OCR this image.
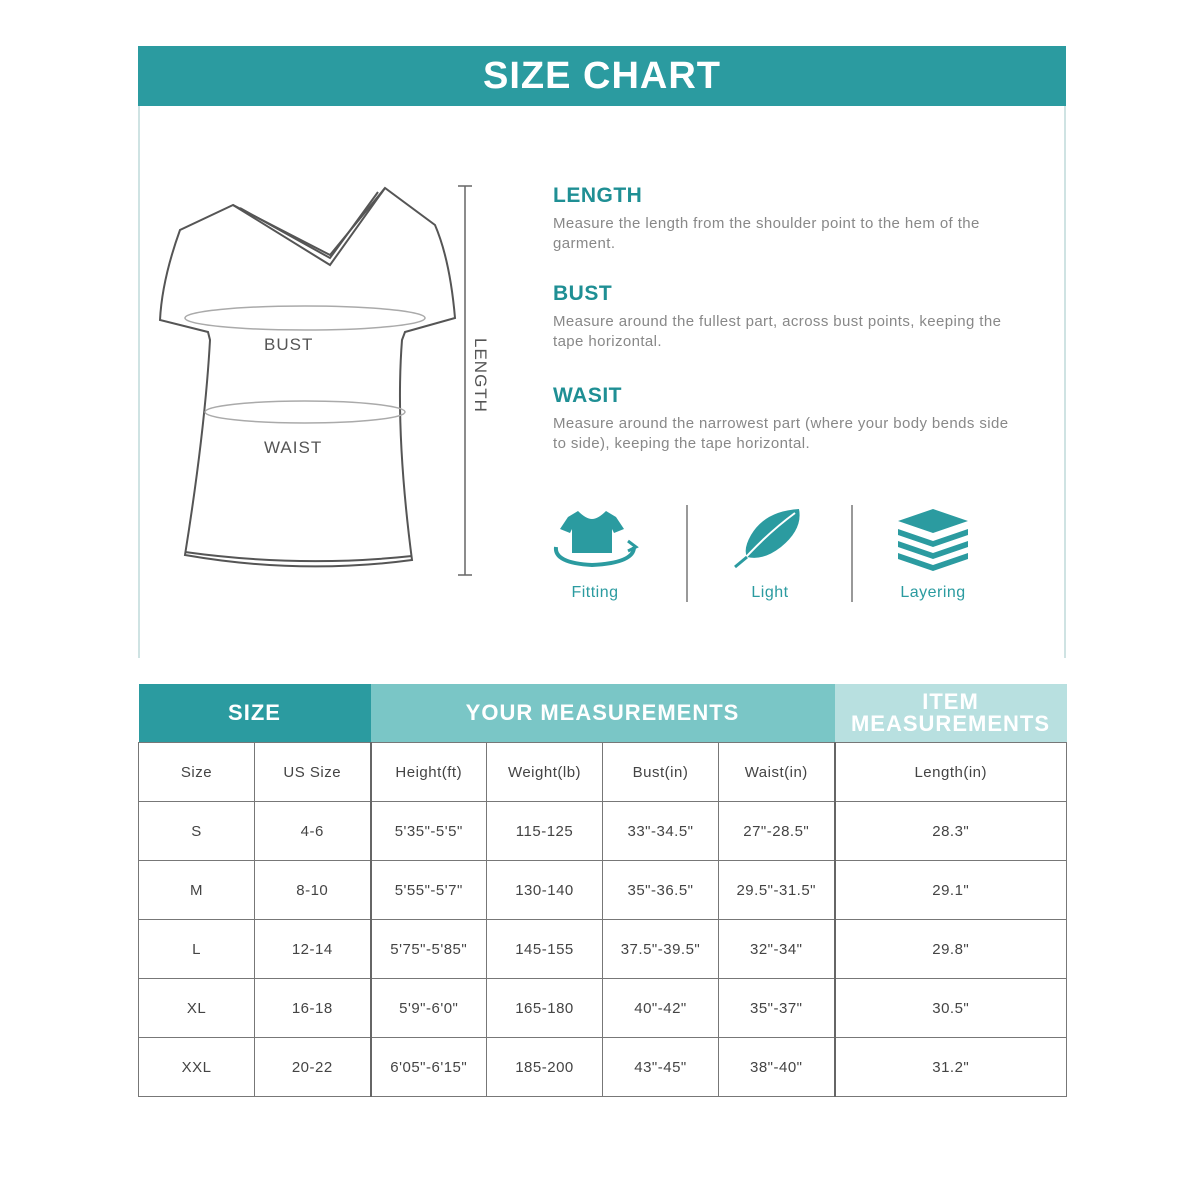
SIZE CHART
BUST
WAIST
LENGTH
LENGTH

Measure the length from the shoulder point to the hem of the garment.

BUST

Measure around the fullest part, across bust points, keeping the tape horizontal.

WASIT

Measure around the narrowest part (where your body bends side to side), keeping the tape horizontal.

Fitting	Light	Layering
SIZE		YOUR MEASUREMENTS				ITEM MEASUREMENTS
Size	US Size	Height(ft)	Weight(lb)	Bust(in)	Waist(in)	Length(in)
S	4-6	5'35"-5'5"	115-125	33"-34.5"	27"-28.5"	28.3"
M	8-10	5'55"-5'7"	130-140	35"-36.5"	29.5"-31.5"	29.1"
L	12-14	5'75"-5'85"	145-155	37.5"-39.5"	32"-34"	29.8"
XL	16-18	5'9"-6'0"	165-180	40"-42"	35"-37"	30.5"
XXL	20-22	6'05"-6'15"	185-200	43"-45"	38"-40"	31.2"
